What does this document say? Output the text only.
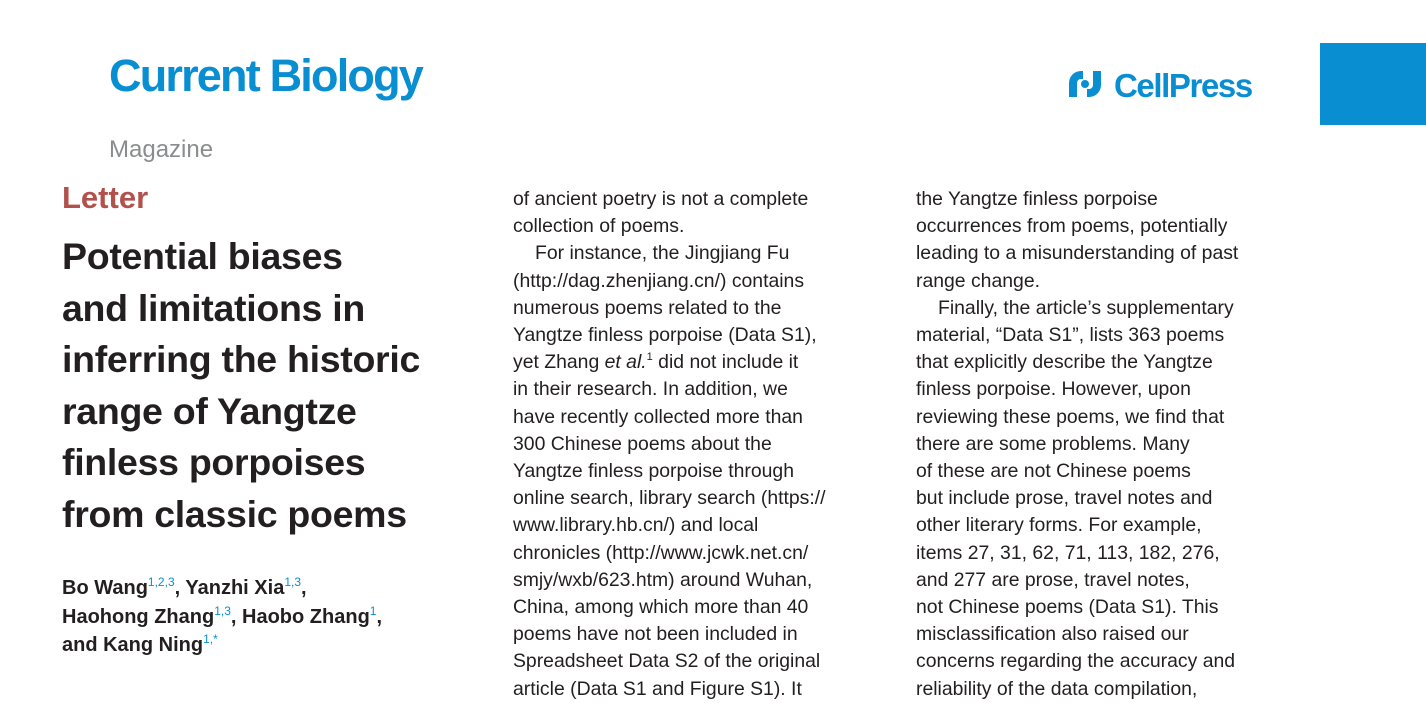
Current Biology	CellPress
Magazine
Letter
Potential biases
and limitations in
inferring the historic
range of Yangtze
finless porpoises
from classic poems
Bo Wang$^{1,2,3}$, Yanzhi Xia$^{1,3}$,
Haohong Zhang$^{1,3}$, Haobo Zhang$^1$,
and Kang Ning$^{1,*}$
of ancient poetry is not a complete
collection of poems.
For instance, the Jingjiang Fu
(http://dag.zhenjiang.cn/) contains
numerous poems related to the
Yangtze finless porpoise (Data S1),
yet Zhang et al.$^1$ did not include it
in their research. In addition, we
have recently collected more than
300 Chinese poems about the
Yangtze finless porpoise through
online search, library search (https://
www.library.hb.cn/) and local
chronicles (http://www.jcwk.net.cn/
smjy/wxb/623.htm) around Wuhan,
China, among which more than 40
poems have not been included in
Spreadsheet Data S2 of the original
article (Data S1 and Figure S1). It
the Yangtze finless porpoise
occurrences from poems, potentially
leading to a misunderstanding of past
range change.
Finally, the article’s supplementary
material, “Data S1”, lists 363 poems
that explicitly describe the Yangtze
finless porpoise. However, upon
reviewing these poems, we find that
there are some problems. Many
of these are not Chinese poems
but include prose, travel notes and
other literary forms. For example,
items 27, 31, 62, 71, 113, 182, 276,
and 277 are prose, travel notes,
not Chinese poems (Data S1). This
misclassification also raised our
concerns regarding the accuracy and
reliability of the data compilation,
